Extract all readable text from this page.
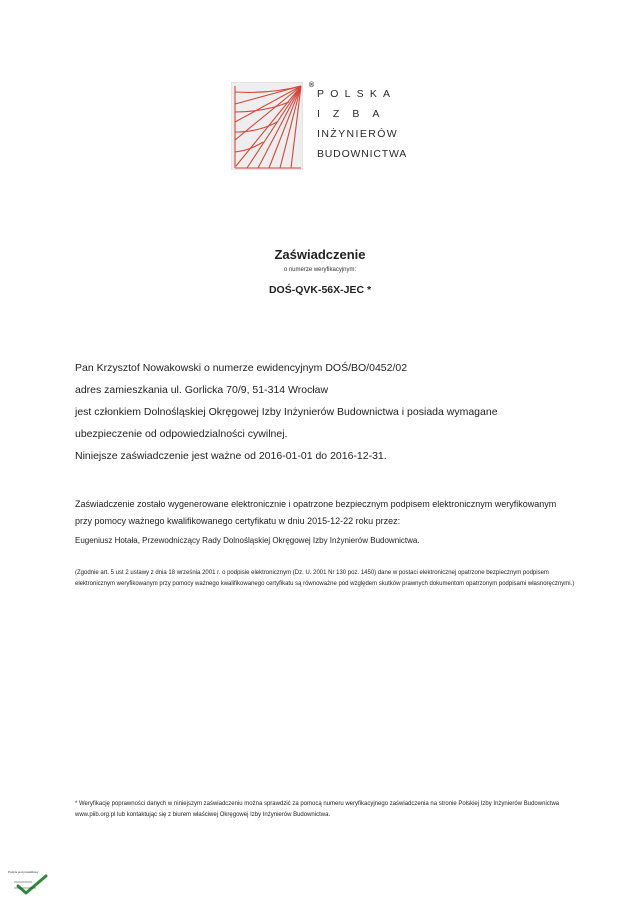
®
POLSKA
IZBA
INŻYNIERÓW
BUDOWNICTWA
Zaświadczenie
o numerze weryfikacyjnym:
DOŚ-QVK-56X-JEC *
Pan Krzysztof Nowakowski o numerze ewidencyjnym DOŚ/BO/0452/02
adres zamieszkania ul. Gorlicka 70/9, 51-314 Wrocław
jest członkiem Dolnośląskiej Okręgowej Izby Inżynierów Budownictwa i posiada wymagane
ubezpieczenie od odpowiedzialności cywilnej.
Niniejsze zaświadczenie jest ważne od 2016-01-01 do 2016-12-31.
Zaświadczenie zostało wygenerowane elektronicznie i opatrzone bezpiecznym podpisem elektronicznym weryfikowanym przy pomocy ważnego kwalifikowanego certyfikatu w dniu 2015-12-22 roku przez:
Eugeniusz Hotała, Przewodniczący Rady Dolnośląskiej Okręgowej Izby Inżynierów Budownictwa.
(Zgodnie art. 5 ust 2 ustawy z dnia 18 września 2001 r. o podpisie elektronicznym (Dz. U. 2001 Nr 130 poz. 1450) dane w postaci elektronicznej opatrzone bezpiecznym podpisem elektronicznym weryfikowanym przy pomocy ważnego kwalifikowanego certyfikatu są równoważne pod względem skutków prawnych dokumentom opatrzonym podpisami własnoręcznymi.)
* Weryfikację poprawności danych w niniejszym zaświadczeniu można sprawdzić za pomocą numeru weryfikacyjnego zaświadczenia na stronie Polskiej Izby Inżynierów Budownictwa www.piib.org.pl lub kontaktując się z biurem właściwej Okręgowej Izby Inżynierów Budownictwa.
Podpis jest prawidłowy
